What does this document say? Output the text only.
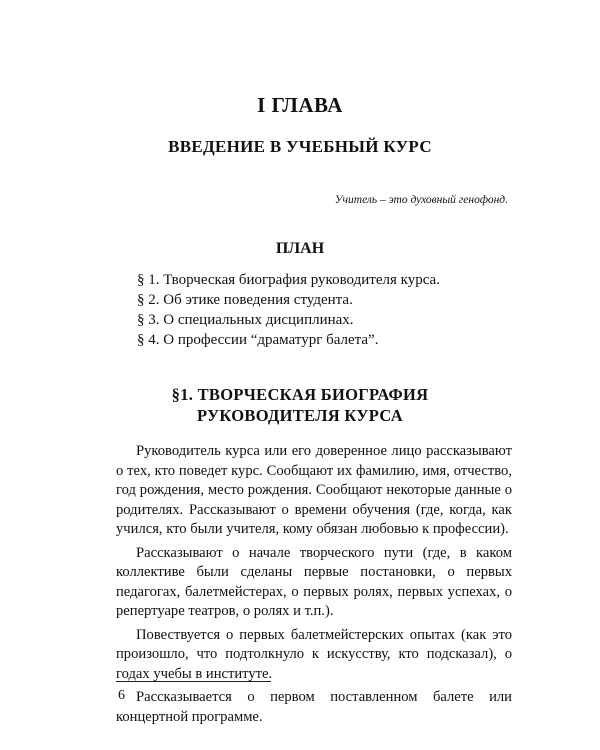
I ГЛАВА
ВВЕДЕНИЕ В УЧЕБНЫЙ КУРС
Учитель – это духовный генофонд.
ПЛАН
§ 1. Творческая биография руководителя курса.
§ 2. Об этике поведения студента.
§ 3. О специальных дисциплинах.
§ 4. О профессии “драматург балета”.
§1. ТВОРЧЕСКАЯ БИОГРАФИЯ
РУКОВОДИТЕЛЯ КУРСА

Руководитель курса или его доверенное лицо рассказывают о тех, кто поведет курс. Сообщают их фамилию, имя, отчество, год рождения, место рождения. Сообщают некоторые данные о родителях. Рассказывают о времени обучения (где, когда, как учился, кто были учителя, кому обязан любовью к профессии).

Рассказывают о начале творческого пути (где, в каком коллективе были сделаны первые постановки, о первых педагогах, балетмейстерах, о первых ролях, первых успехах, о репертуаре театров, о ролях и т.п.).

Повествуется о первых балетмейстерских опытах (как это произошло, что подтолкнуло к искусству, кто подсказал), о годах учебы в институте.

Рассказывается о первом поставленном балете или концертной программе.

6
